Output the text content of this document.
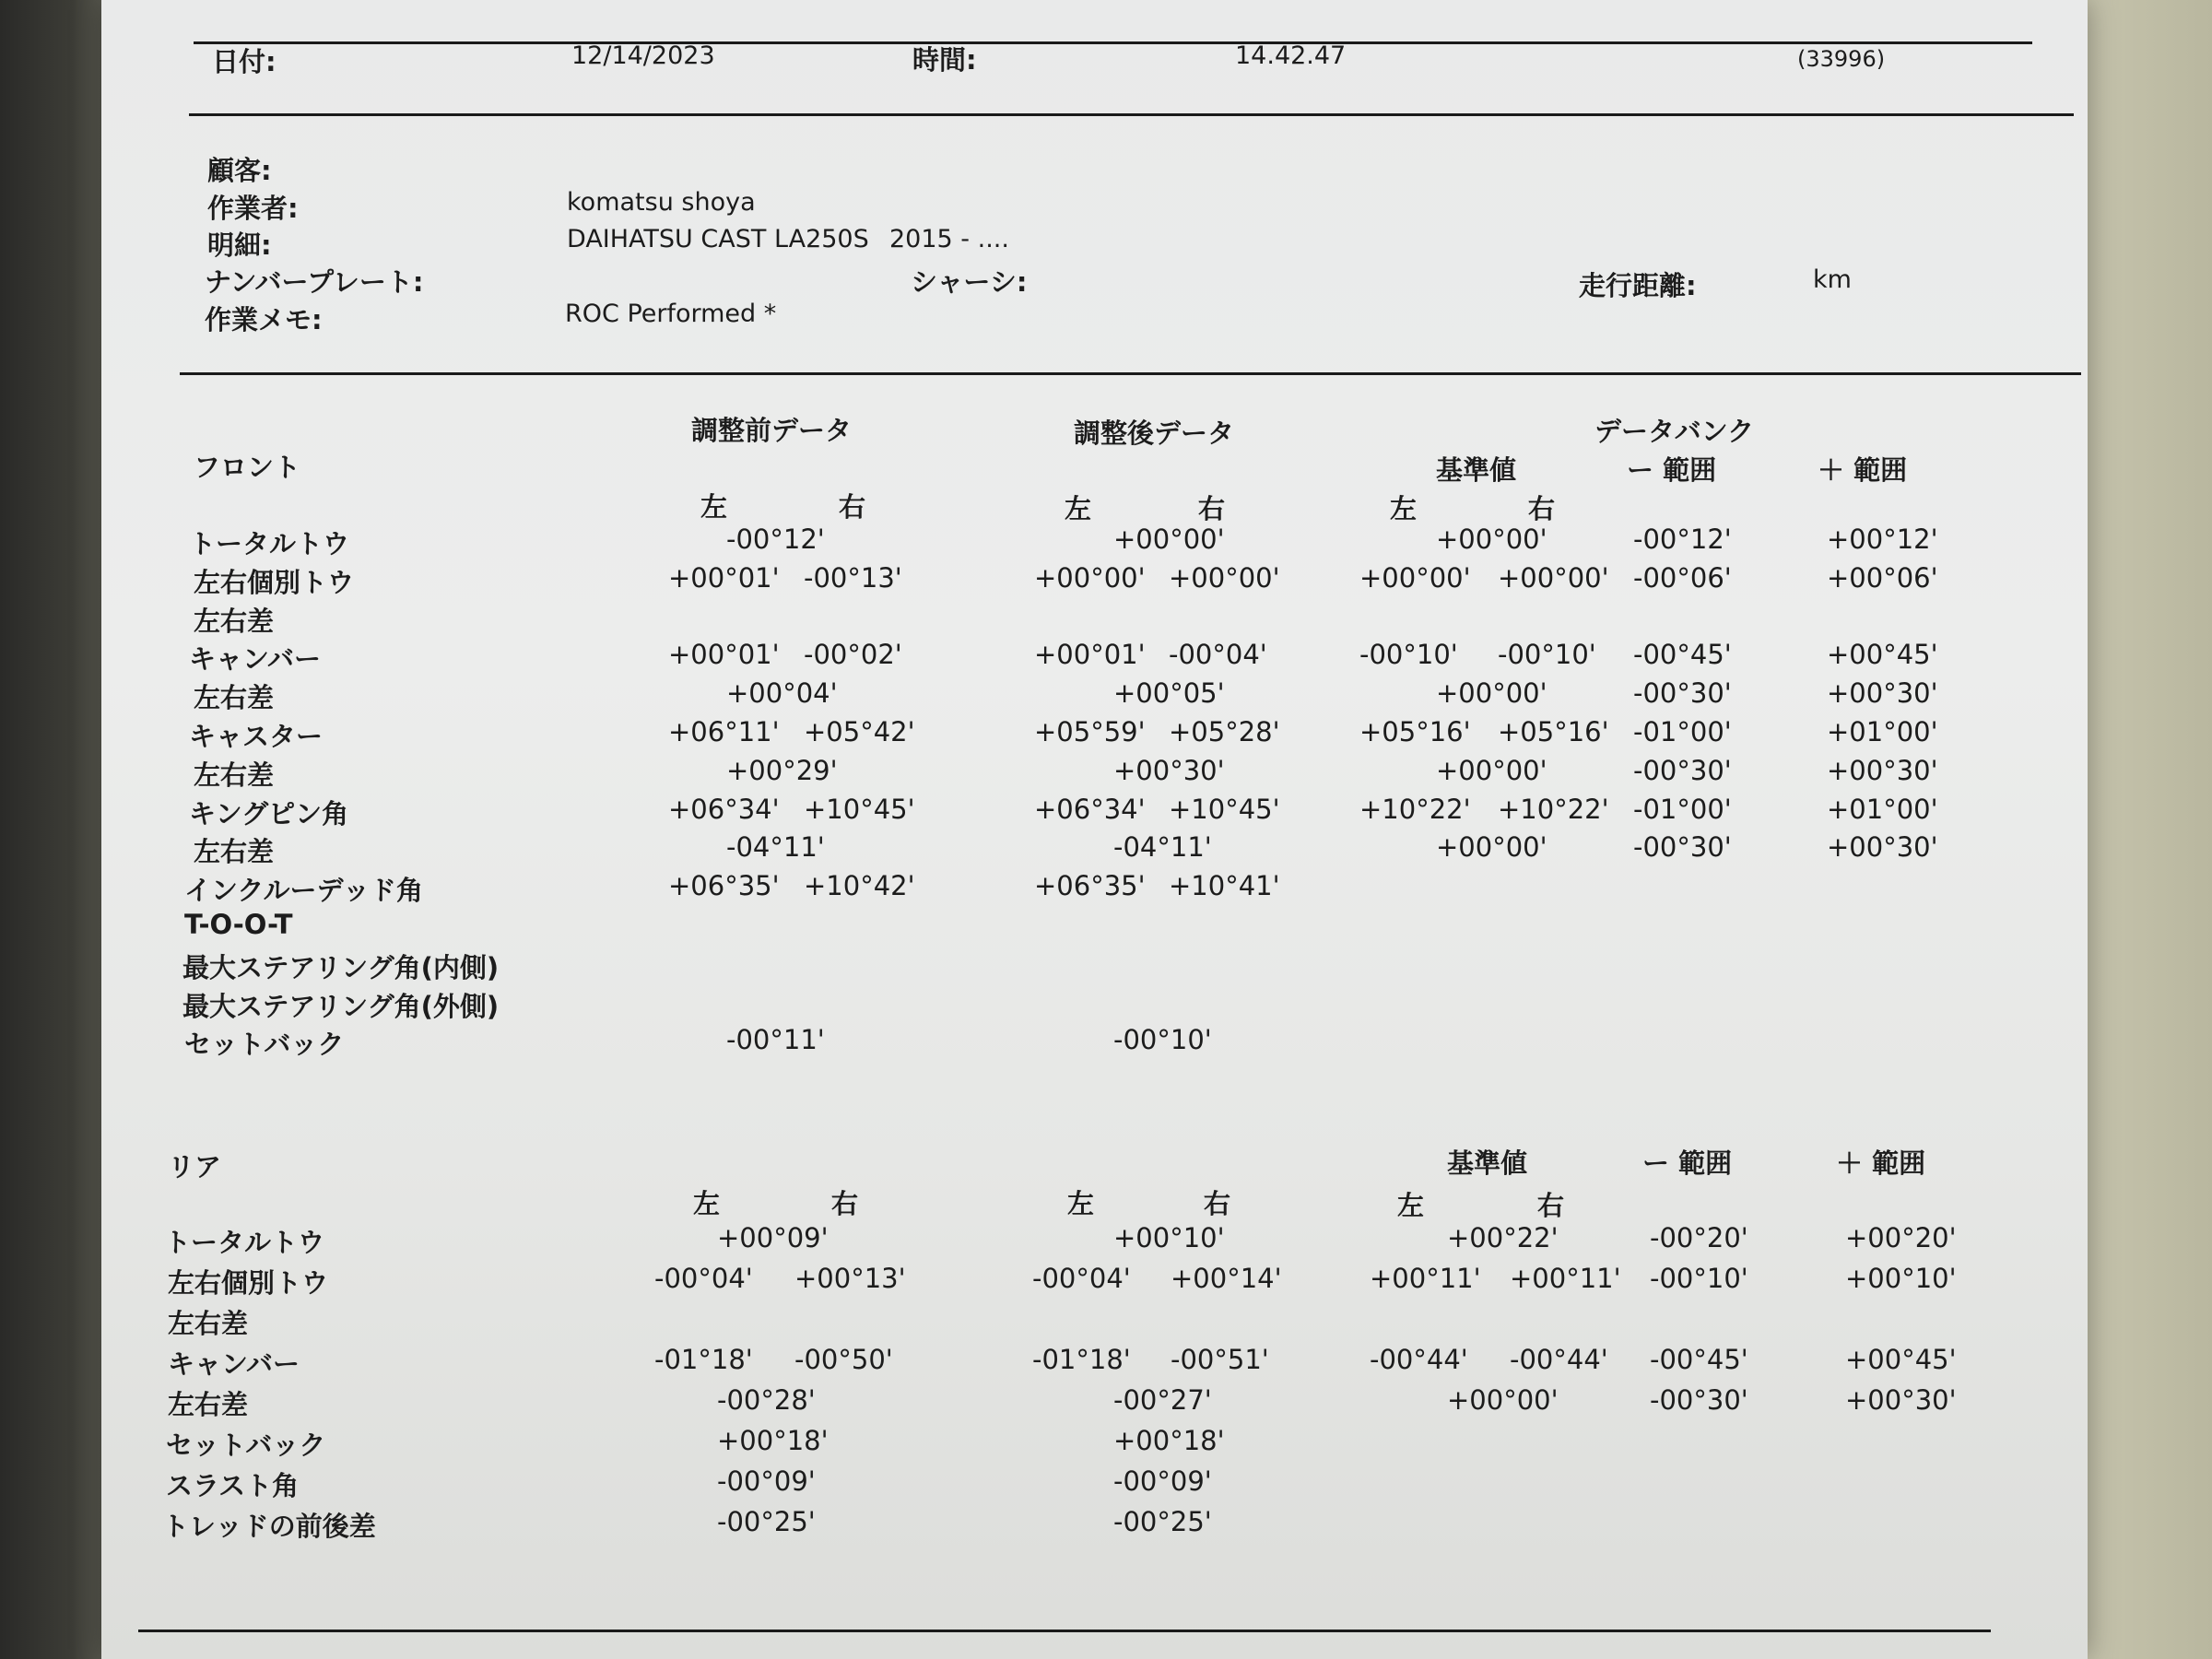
日付:	12/14/2023	時間:	14.42.47	(33996)
顧客:
作業者:	komatsu shoya
明細:	DAIHATSU CAST LA250S 2015 - ....
ナンバープレート:	シャーシ:	走行距離:	km
作業メモ:	ROC Performed *
調整前データ	調整後データ	データバンク
フロント	基準値	ー 範囲	＋ 範囲
左	右	左	右	左	右
トータルトウ	-00°12'	+00°00'	+00°00'	-00°12'	+00°12'
左右個別トウ	+00°01' -00°13'	+00°00' +00°00'	+00°00' +00°00' -00°06'	+00°06'
左右差
キャンバー	+00°01' -00°02'	+00°01' -00°04'	-00°10' -00°10' -00°45'	+00°45'
左右差	+00°04'	+00°05'	+00°00'	-00°30'	+00°30'
キャスター	+06°11' +05°42'	+05°59' +05°28'	+05°16' +05°16' -01°00'	+01°00'
左右差	+00°29'	+00°30'	+00°00'	-00°30'	+00°30'
キングピン角	+06°34' +10°45'	+06°34' +10°45'	+10°22' +10°22' -01°00'	+01°00'
左右差	-04°11'	-04°11'	+00°00'	-00°30'	+00°30'
インクルーデッド角	+06°35' +10°42'	+06°35' +10°41'
T-O-O-T
最大ステアリング角(内側)
最大ステアリング角(外側)
セットバック	-00°11'	-00°10'
リア	基準値	ー 範囲	＋ 範囲
左	右	左	右	左	右
トータルトウ	+00°09'	+00°10'	+00°22'	-00°20'	+00°20'
左右個別トウ	-00°04' +00°13'	-00°04' +00°14'	+00°11' +00°11' -00°10'	+00°10'
左右差
キャンバー	-01°18' -00°50'	-01°18' -00°51'	-00°44' -00°44' -00°45'	+00°45'
左右差	-00°28'	-00°27'	+00°00'	-00°30'	+00°30'
セットバック	+00°18'	+00°18'
スラスト角	-00°09'	-00°09'
トレッドの前後差	-00°25'	-00°25'
